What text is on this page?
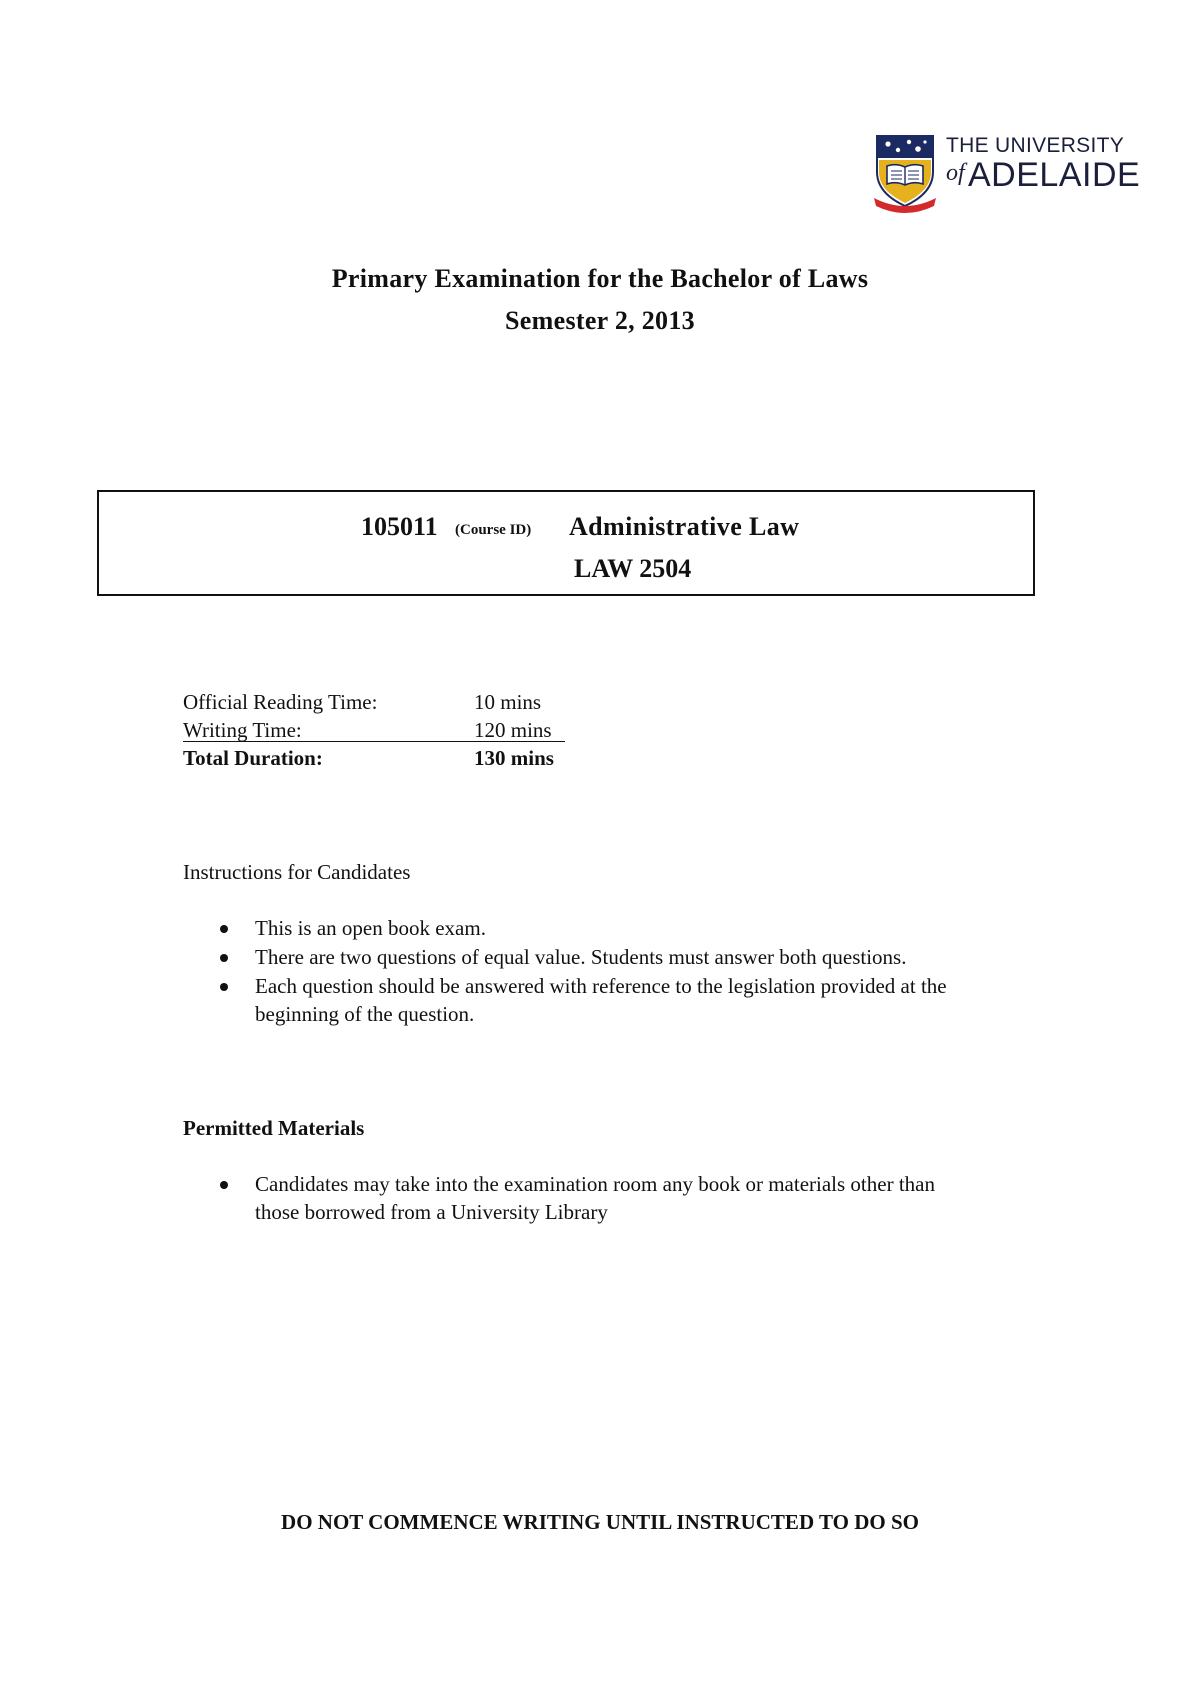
THE UNIVERSITY
of ADELAIDE
Primary Examination for the Bachelor of Laws
Semester 2, 2013
105011 (Course ID) Administrative Law
LAW 2504
Official Reading Time:	10 mins
Writing Time:	120 mins
Total Duration:	130 mins
Instructions for Candidates
This is an open book exam.
There are two questions of equal value. Students must answer both questions.
Each question should be answered with reference to the legislation provided at the beginning of the question.
Permitted Materials
Candidates may take into the examination room any book or materials other than those borrowed from a University Library
DO NOT COMMENCE WRITING UNTIL INSTRUCTED TO DO SO
